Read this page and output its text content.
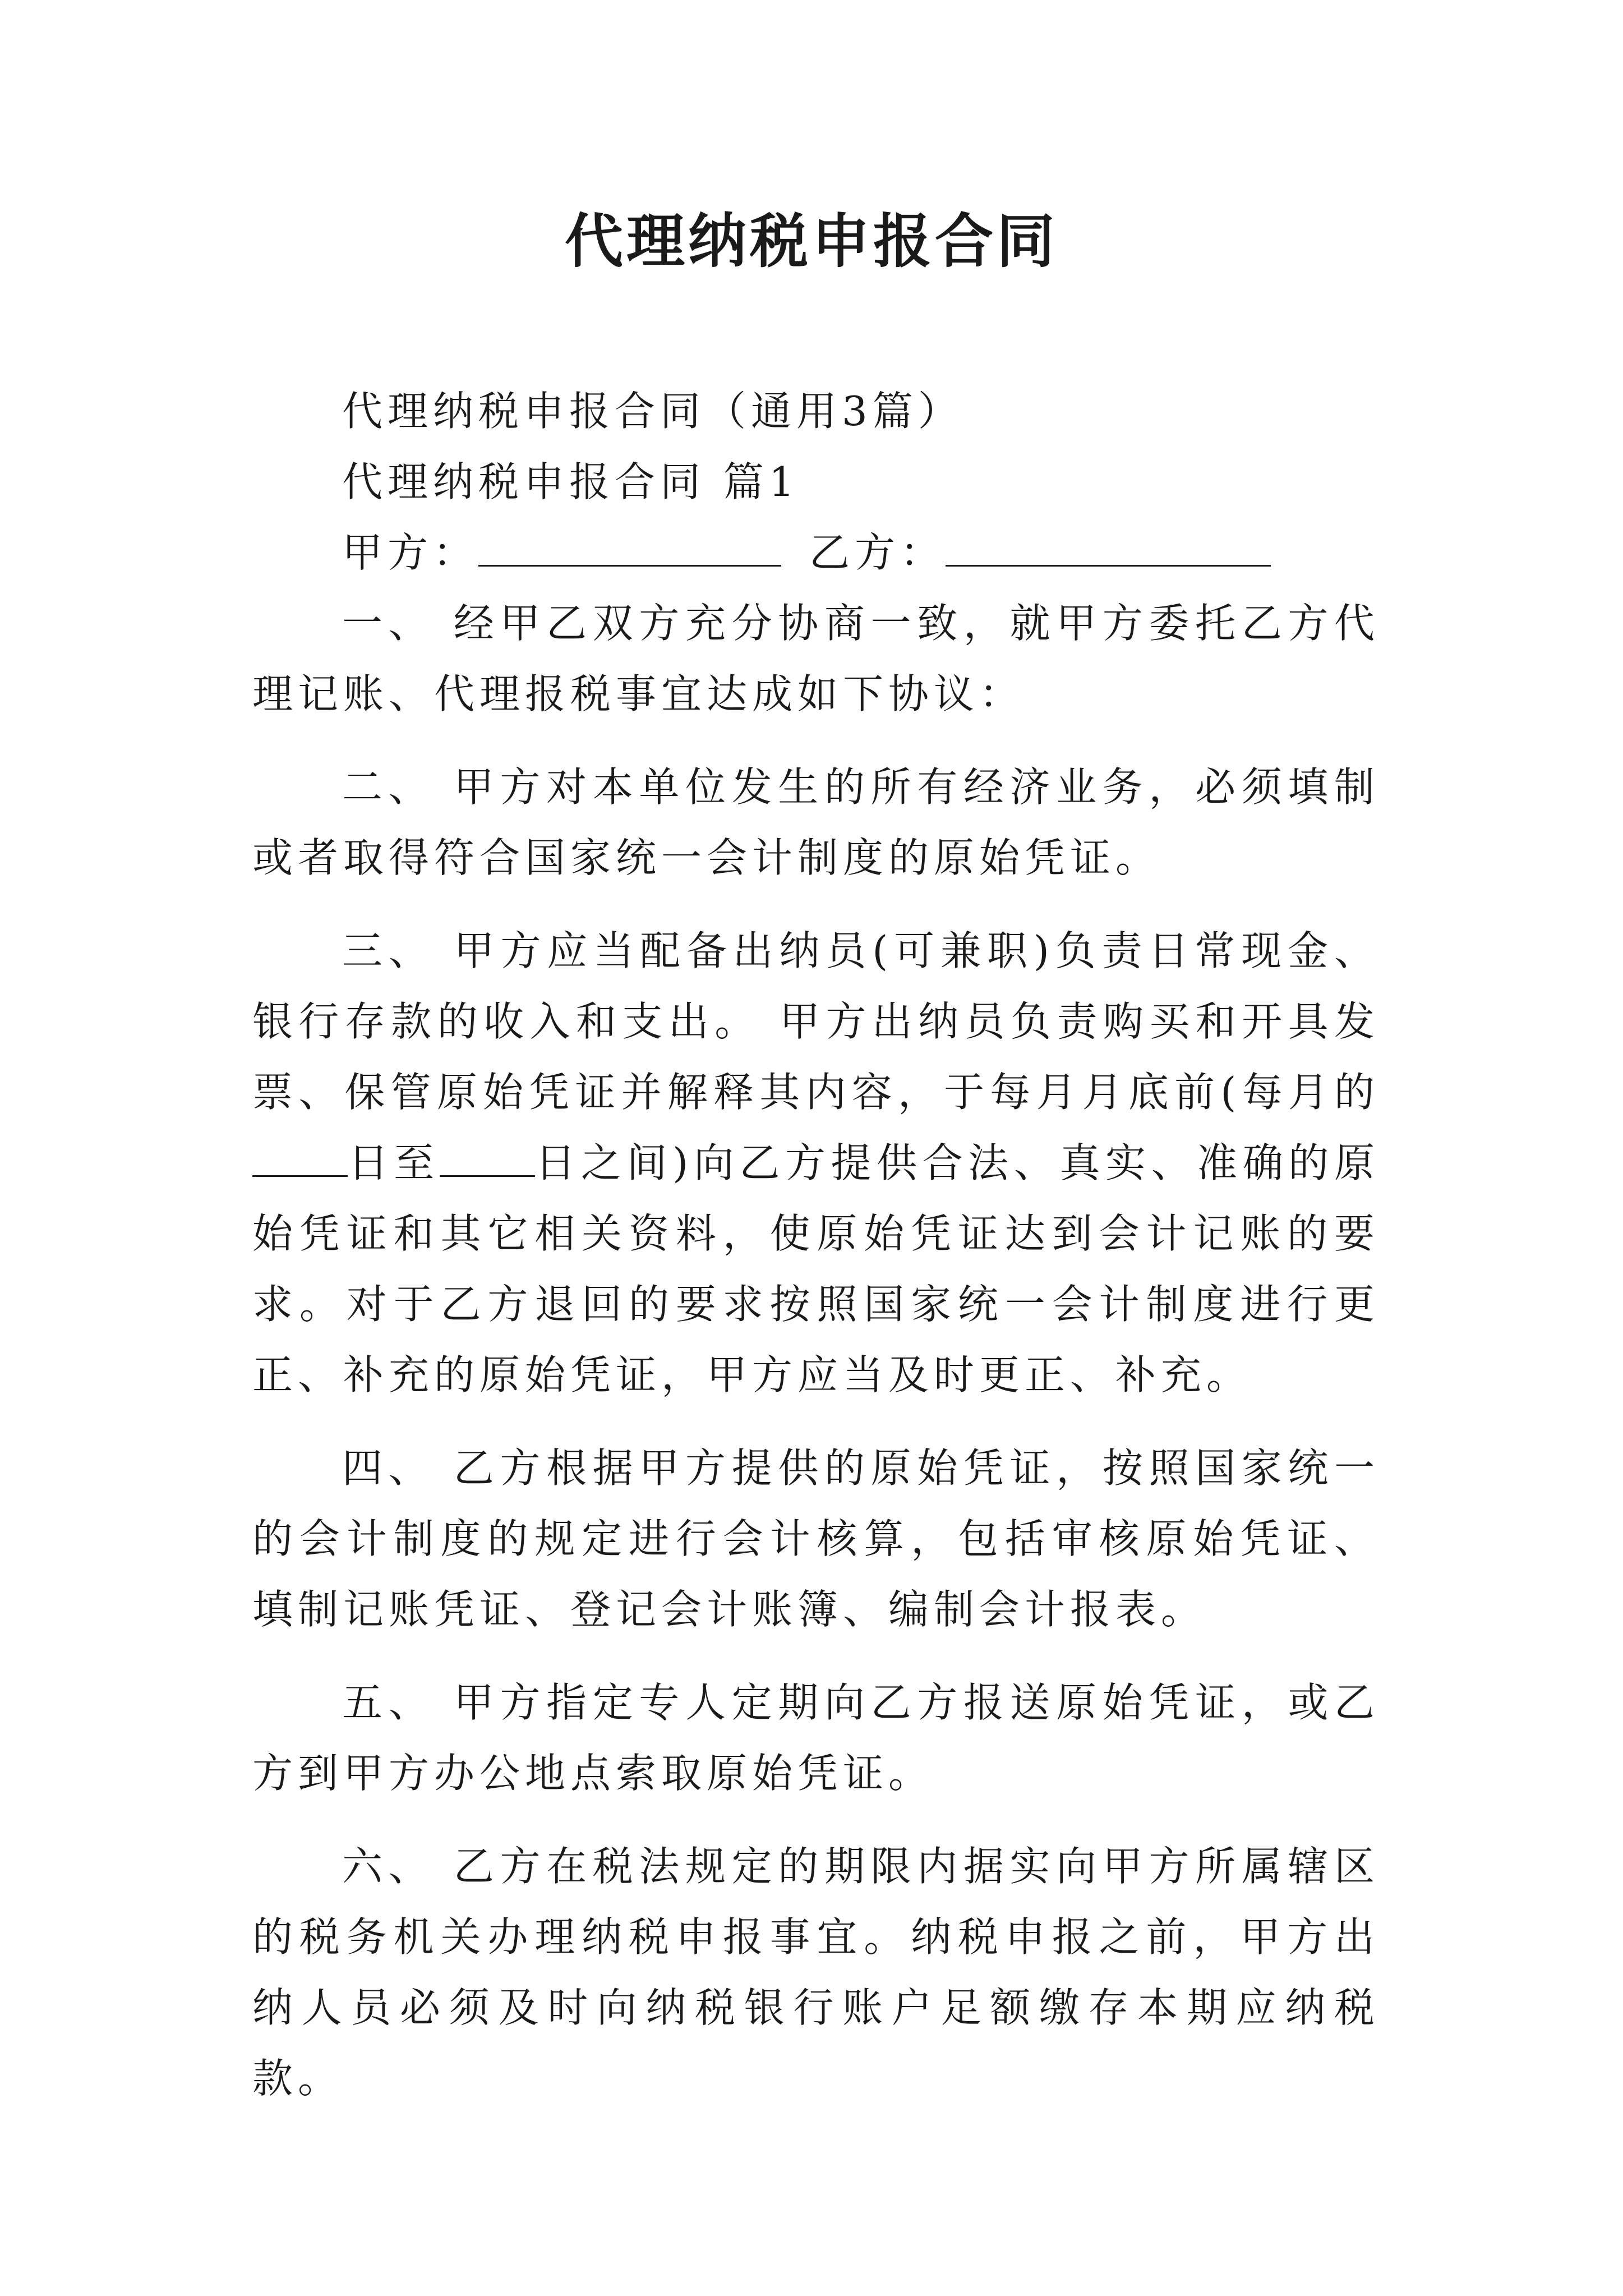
代理纳税申报合同

代理纳税申报合同（通用3篇）

代理纳税申报合同 篇1

甲方：	乙方：

一、 经甲乙双方充分协商一致，就甲方委托乙方代理记账、代理报税事宜达成如下协议：

二、 甲方对本单位发生的所有经济业务，必须填制或者取得符合国家统一会计制度的原始凭证。

三、 甲方应当配备出纳员(可兼职)负责日常现金、银行存款的收入和支出。 甲方出纳员负责购买和开具发票、保管原始凭证并解释其内容，于每月月底前(每月的日至 日之间)向乙方提供合法、真实、准确的原始凭证和其它相关资料，使原始凭证达到会计记账的要求。对于乙方退回的要求按照国家统一会计制度进行更正、补充的原始凭证，甲方应当及时更正、补充。

四、 乙方根据甲方提供的原始凭证，按照国家统一的会计制度的规定进行会计核算，包括审核原始凭证、填制记账凭证、登记会计账簿、编制会计报表。

五、 甲方指定专人定期向乙方报送原始凭证，或乙方到甲方办公地点索取原始凭证。

六、 乙方在税法规定的期限内据实向甲方所属辖区的税务机关办理纳税申报事宜。纳税申报之前，甲方出纳人员必须及时向纳税银行账户足额缴存本期应纳税款。
